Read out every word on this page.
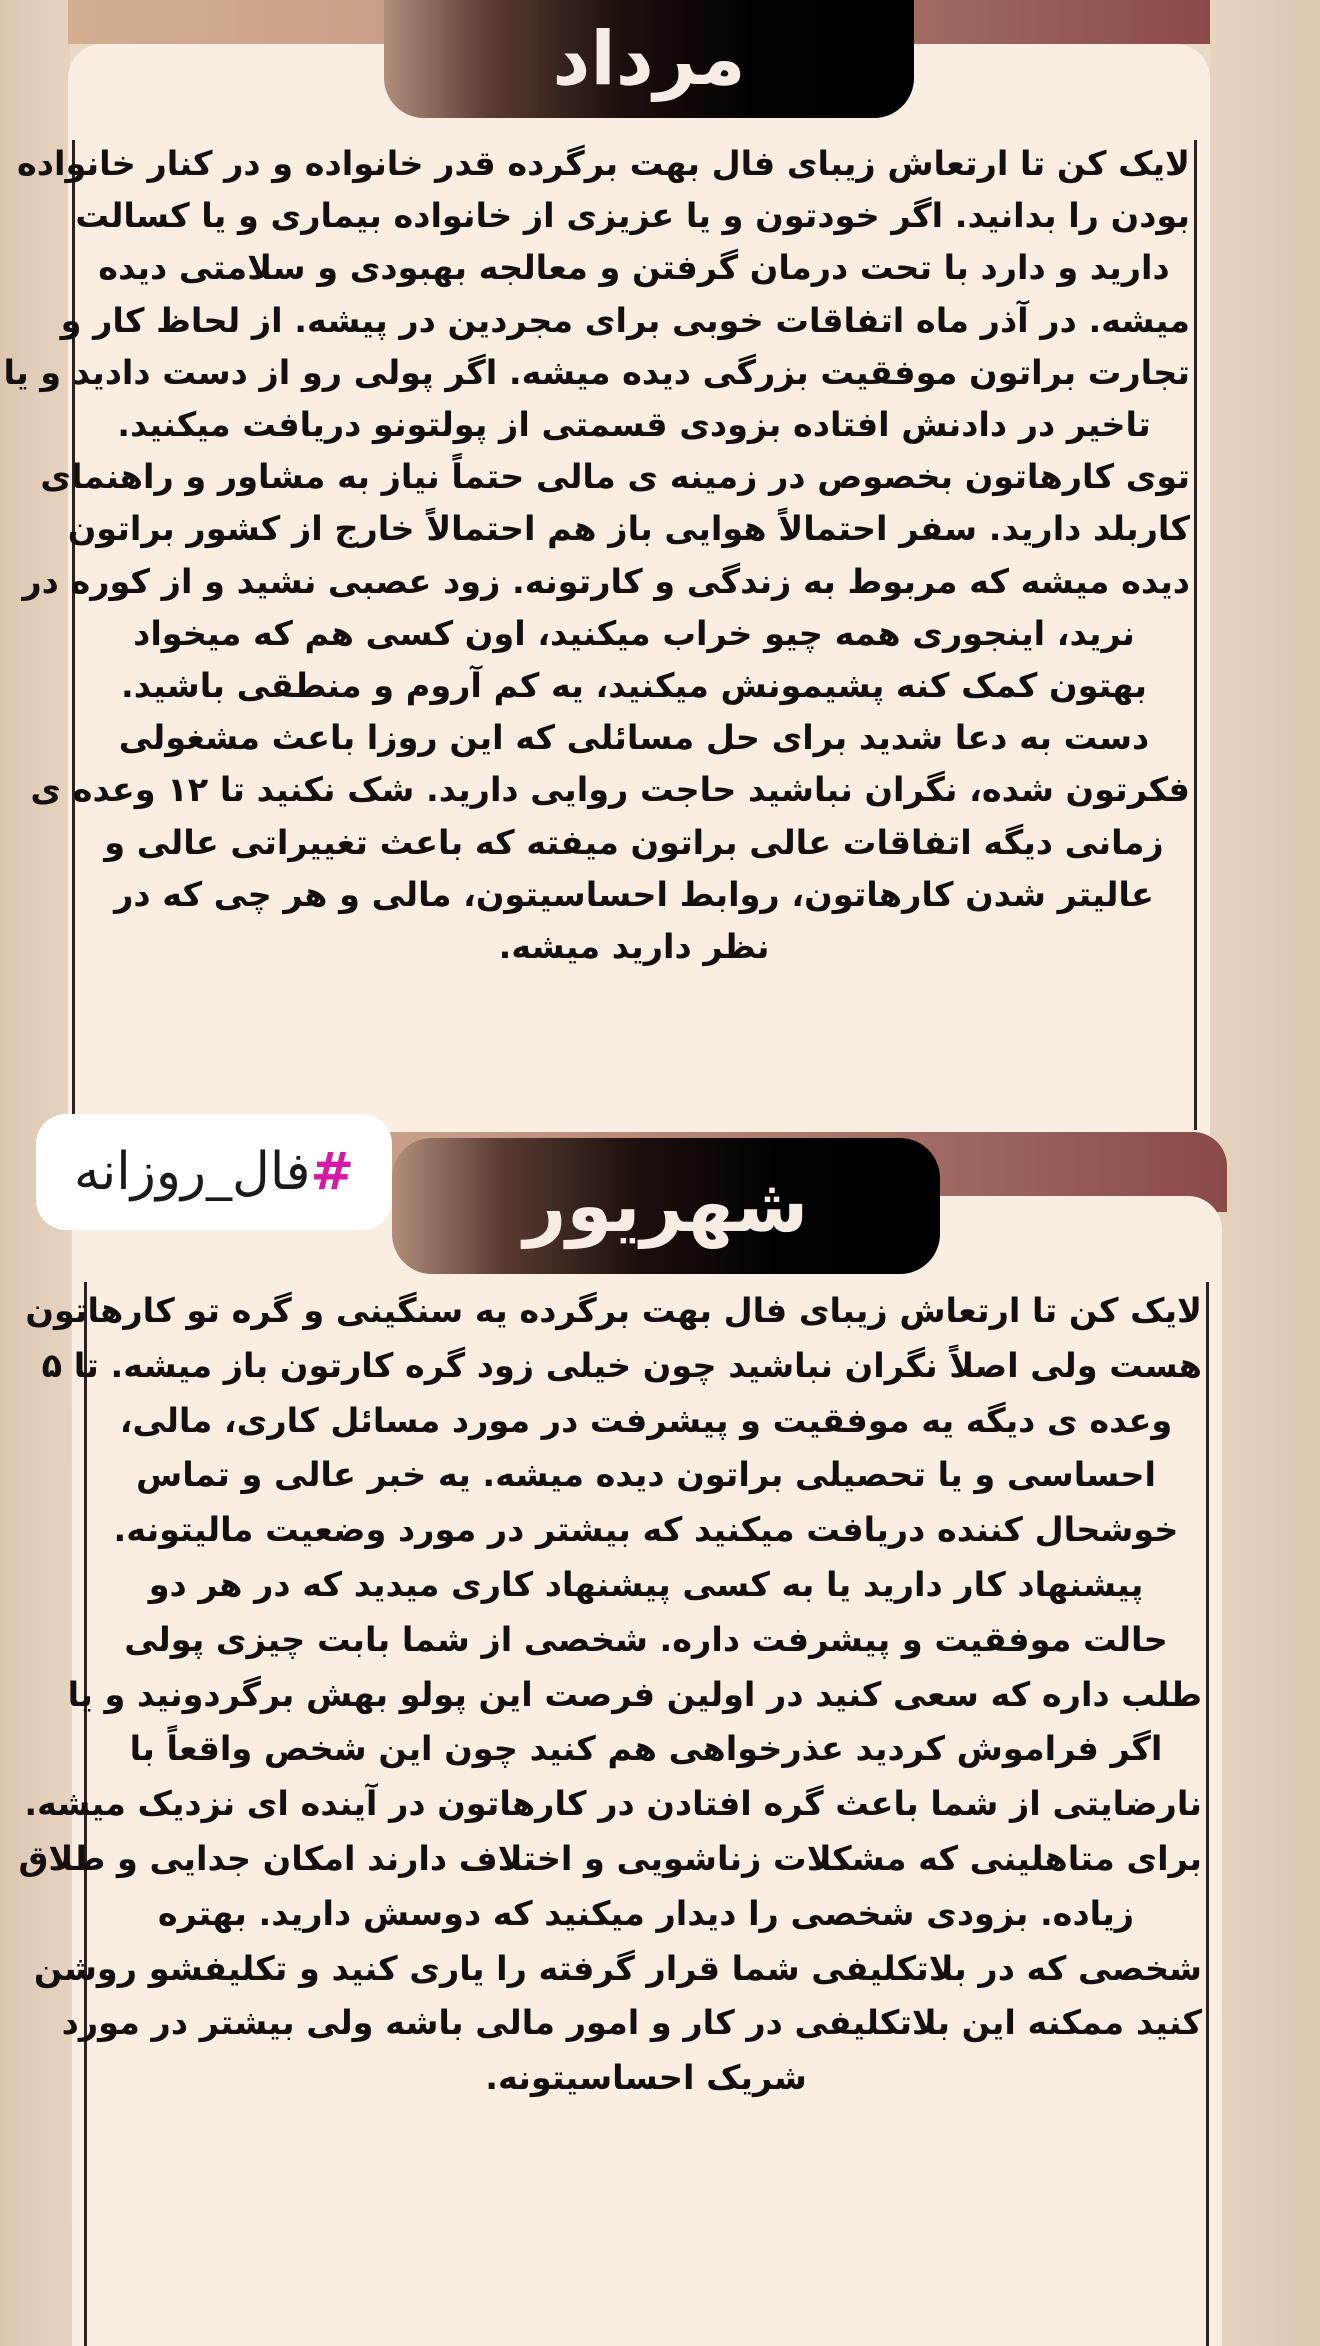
مرداد
لایک کن تا ارتعاش زیبای فال بهت برگرده قدر خانواده و در کنار خانواده
بودن را بدانید. اگر خودتون و یا عزیزی از خانواده بیماری و یا کسالت
دارید و دارد با تحت درمان گرفتن و معالجه بهبودی و سلامتی دیده
میشه. در آذر ماه اتفاقات خوبی برای مجردین در پیشه. از لحاظ کار و
تجارت براتون موفقیت بزرگی دیده میشه. اگر پولی رو از دست دادید و یا
تاخیر در دادنش افتاده بزودی قسمتی از پولتونو دریافت میکنید.
توی کارهاتون بخصوص در زمینه ی مالی حتماً نیاز به مشاور و راهنمای
کاربلد دارید. سفر احتمالاً هوایی باز هم احتمالاً خارج از کشور براتون
دیده میشه که مربوط به زندگی و کارتونه. زود عصبی نشید و از کوره در
نرید، اینجوری همه چیو خراب میکنید، اون کسی هم که میخواد
بهتون کمک کنه پشیمونش میکنید، یه کم آروم و منطقی باشید.
دست به دعا شدید برای حل مسائلی که این روزا باعث مشغولی
فکرتون شده، نگران نباشید حاجت روایی دارید. شک نکنید تا ۱۲ وعده ی
زمانی دیگه اتفاقات عالی براتون میفته که باعث تغییراتی عالی و
عالیتر شدن کارهاتون، روابط احساسیتون، مالی و هر چی که در
نظر دارید میشه.
شهریور
لایک کن تا ارتعاش زیبای فال بهت برگرده یه سنگینی و گره تو کارهاتون
هست ولی اصلاً نگران نباشید چون خیلی زود گره کارتون باز میشه. تا ۵
وعده ی دیگه یه موفقیت و پیشرفت در مورد مسائل کاری، مالی،
احساسی و یا تحصیلی براتون دیده میشه. یه خبر عالی و تماس
خوشحال کننده دریافت میکنید که بیشتر در مورد وضعیت مالیتونه.
پیشنهاد کار دارید یا به کسی پیشنهاد کاری میدید که در هر دو
حالت موفقیت و پیشرفت داره. شخصی از شما بابت چیزی پولی
طلب داره که سعی کنید در اولین فرصت این پولو بهش برگردونید و یا
اگر فراموش کردید عذرخواهی هم کنید چون این شخص واقعاً با
نارضایتی از شما باعث گره افتادن در کارهاتون در آینده ای نزدیک میشه.
برای متاهلینی که مشکلات زناشویی و اختلاف دارند امکان جدایی و طلاق
زیاده. بزودی شخصی را دیدار میکنید که دوسش دارید. بهتره
شخصی که در بلاتکلیفی شما قرار گرفته را یاری کنید و تکلیفشو روشن
کنید ممکنه این بلاتکلیفی در کار و امور مالی باشه ولی بیشتر در مورد
شریک احساسیتونه.
#
فال_روزانه
